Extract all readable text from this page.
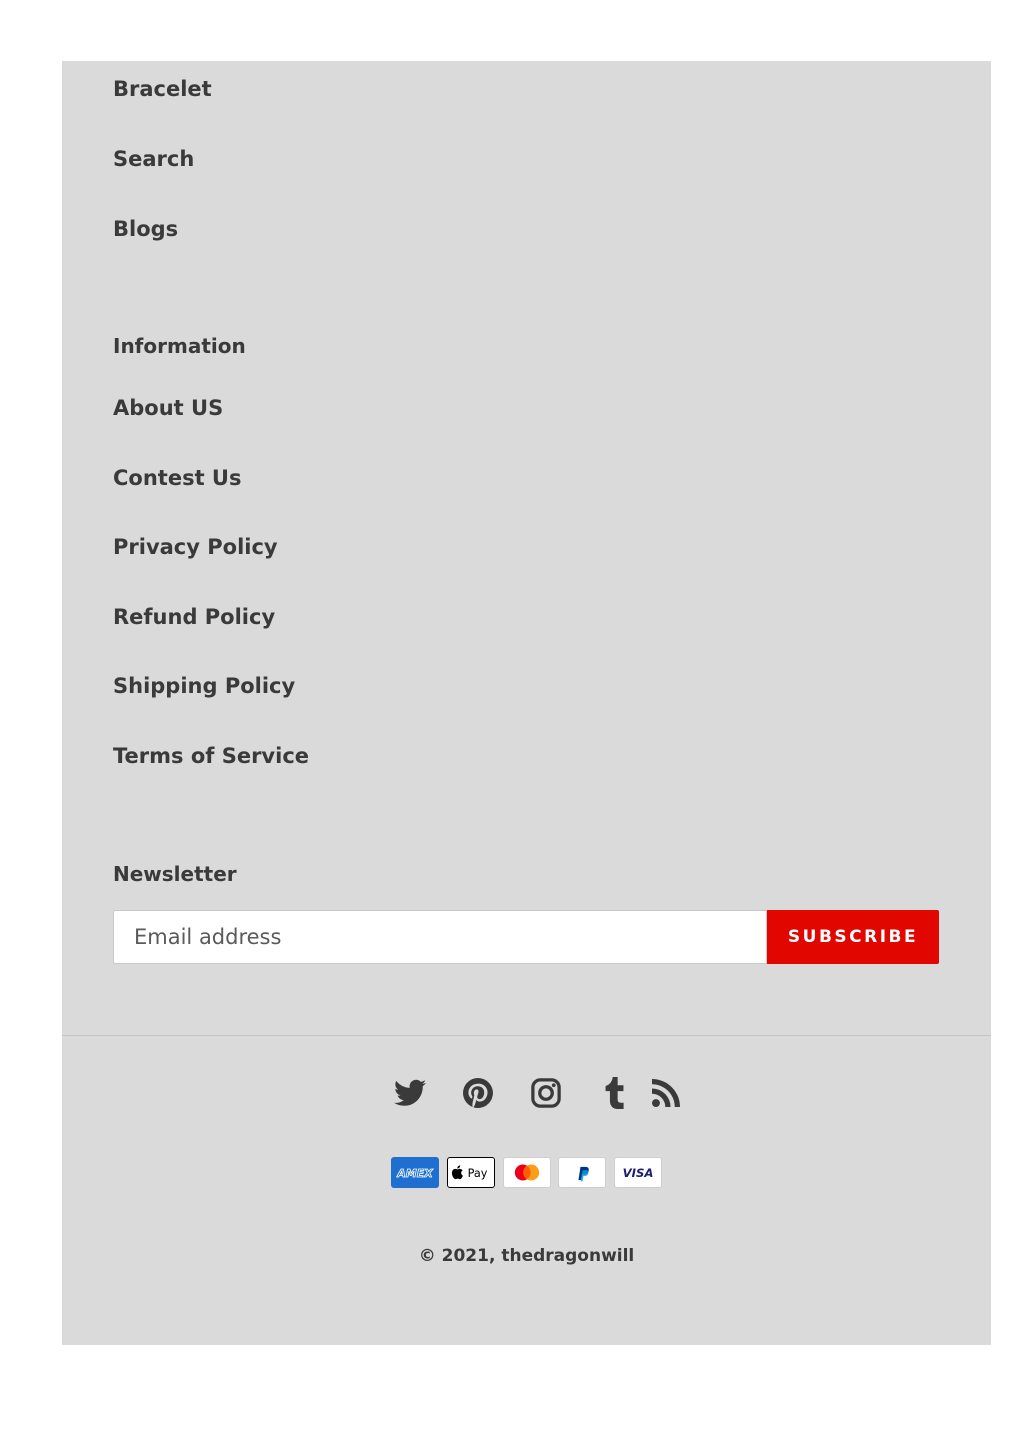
Bracelet
Search
Blogs
Information
About US
Contest Us
Privacy Policy
Refund Policy
Shipping Policy
Terms of Service
Newsletter
Email address
SUBSCRIBE
AMEX	Pay	VISA
© 2021, thedragonwill
